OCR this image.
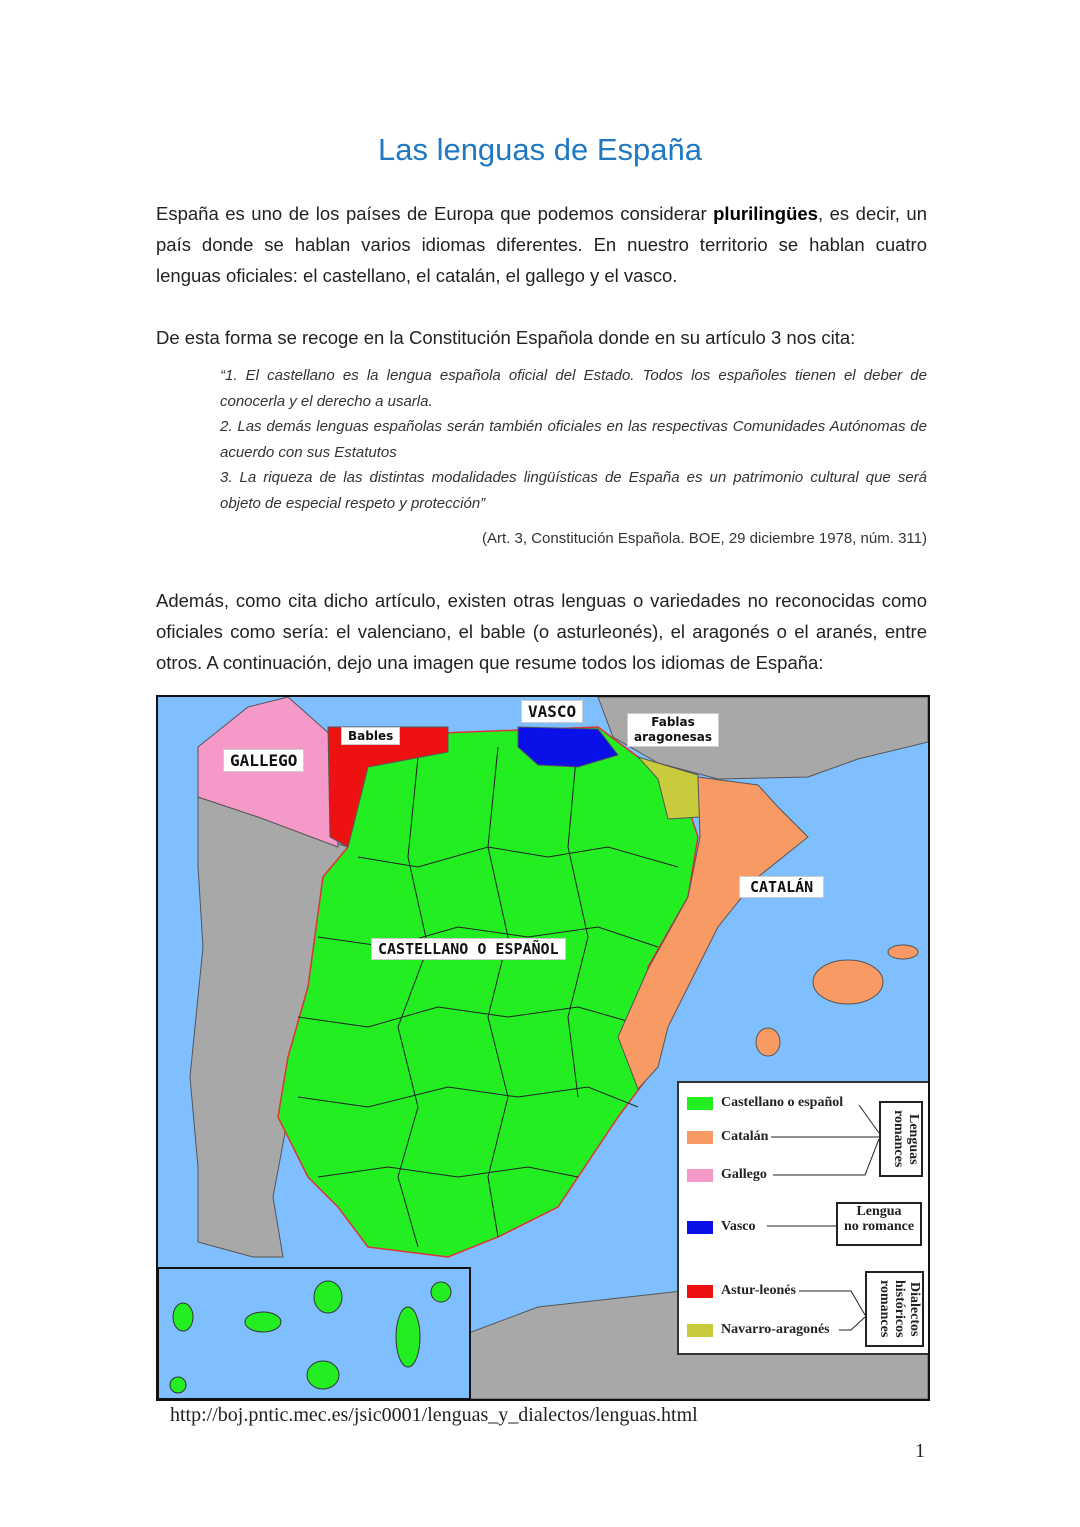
Las lenguas de España

España es uno de los países de Europa que podemos considerar plurilingües, es decir, un país donde se hablan varios idiomas diferentes. En nuestro territorio se hablan cuatro lenguas oficiales: el castellano, el catalán, el gallego y el vasco.

De esta forma se recoge en la Constitución Española donde en su artículo 3 nos cita:

“1. El castellano es la lengua española oficial del Estado. Todos los españoles tienen el deber de conocerla y el derecho a usarla.
2. Las demás lenguas españolas serán también oficiales en las respectivas Comunidades Autónomas de acuerdo con sus Estatutos
3. La riqueza de las distintas modalidades lingüísticas de España es un patrimonio cultural que será objeto de especial respeto y protección”
(Art. 3, Constitución Española. BOE, 29 diciembre 1978, núm. 311)

Además, como cita dicho artículo, existen otras lenguas o variedades no reconocidas como oficiales como sería: el valenciano, el bable (o asturleonés), el aragonés o el aranés, entre otros. A continuación, dejo una imagen que resume todos los idiomas de España:

GALLEGO
Bables
VASCO
Fablas
aragonesas
CATALÁN
CASTELLANO O ESPAÑOL
Castellano o español
Catalán
Gallego
Vasco
Astur-leonés
Navarro-aragonés
Lenguas romances
Lengua
no romance
Dialectos históricos romances
http://boj.pntic.mec.es/jsic0001/lenguas_y_dialectos/lenguas.html
1
